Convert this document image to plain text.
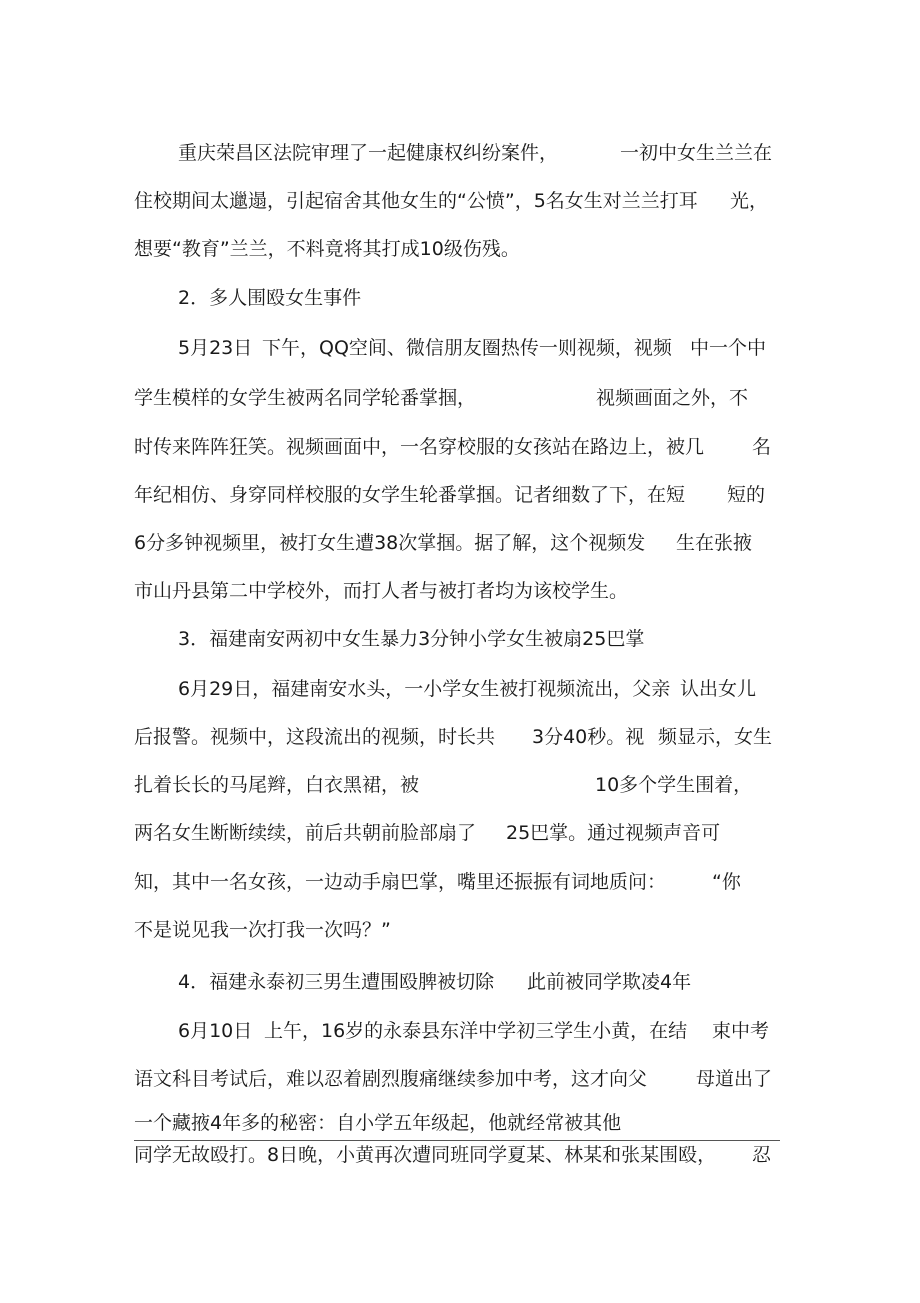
重庆荣昌区法院审理了一起健康权纠纷案件，

	一初中女生兰兰在

住校期间太邋遢，引起宿舍其他女生的“公愤”，5名女生对兰兰打耳

光，

想要“教育”兰兰，不料竟将其打成10级伤残。

2．多人围殴女生事件

5月23日

下午，QQ空间、微信朋友圈热传一则视频，视频

中一个中

学生模样的女学生被两名同学轮番掌掴，

	视频画面之外，不

时传来阵阵狂笑。视频画面中，一名穿校服的女孩站在路边上，被几

	名

年纪相仿、身穿同样校服的女学生轮番掌掴。记者细数了下，在短

短的

6分多钟视频里，被打女生遭38次掌掴。据了解，这个视频发

生在张掖

市山丹县第二中学校外，而打人者与被打者均为该校学生。

3．福建南安两初中女生暴力3分钟小学女生被扇25巴掌

6月29日，福建南安水头，一小学女生被打视频流出，父亲

认出女儿

后报警。视频中，这段流出的视频，时长共

3分40秒。视

频显示，女生

扎着长长的马尾辫，白衣黑裙，被

	10多个学生围着，

两名女生断断续续，前后共朝前脸部扇了

25巴掌。通过视频声音可

知，其中一名女孩，一边动手扇巴掌，嘴里还振振有词地质问：

“你

不是说见我一次打我一次吗？”

4．福建永泰初三男生遭围殴脾被切除

此前被同学欺凌4年

6月10日

上午，16岁的永泰县东洋中学初三学生小黄，在结

束中考

语文科目考试后，难以忍着剧烈腹痛继续参加中考，这才向父

	母道出了

一个藏掖4年多的秘密：自小学五年级起，他就经常被其他

同学无故殴打。8日晚，小黄再次遭同班同学夏某、林某和张某围殴，

忍
